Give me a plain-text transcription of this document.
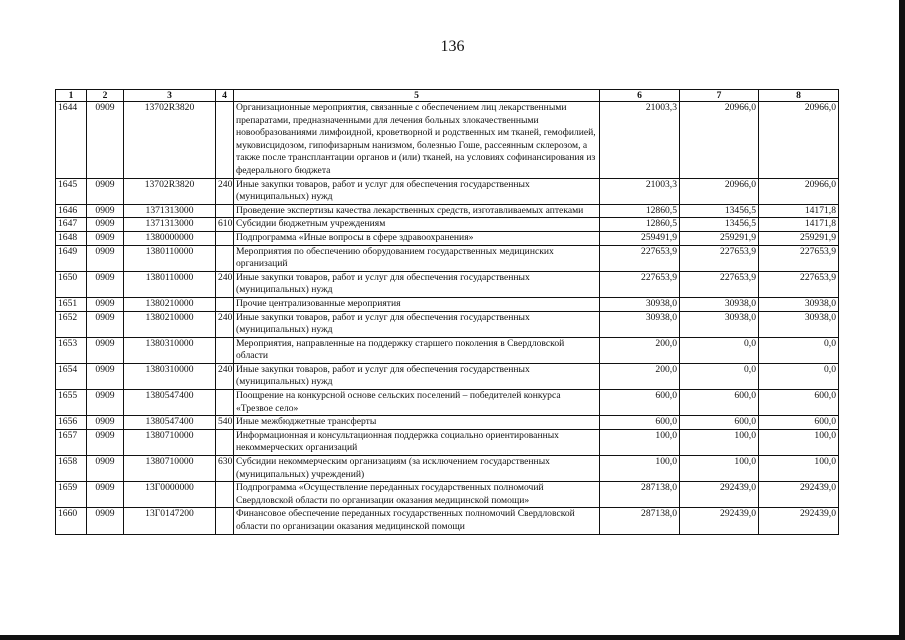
136
1	2	3	4	5	6	7	8
1644	0909	13702R3820		Организационные мероприятия, связанные с обеспечением лиц лекарственными препаратами, предназначенными для лечения больных злокачественными новообразованиями лимфоидной, кроветворной и родственных им тканей, гемофилией, муковисцидозом, гипофизарным нанизмом, болезнью Гоше, рассеянным склерозом, а также после трансплантации органов и (или) тканей, на условиях софинансирования из федерального бюджета	21003,3	20966,0	20966,0
1645	0909	13702R3820	240	Иные закупки товаров, работ и услуг для обеспечения государственных (муниципальных) нужд	21003,3	20966,0	20966,0
1646	0909	1371313000		Проведение экспертизы качества лекарственных средств, изготавливаемых аптеками	12860,5	13456,5	14171,8
1647	0909	1371313000	610	Субсидии бюджетным учреждениям	12860,5	13456,5	14171,8
1648	0909	1380000000		Подпрограмма «Иные вопросы в сфере здравоохранения»	259491,9	259291,9	259291,9
1649	0909	1380110000		Мероприятия по обеспечению оборудованием государственных медицинских организаций	227653,9	227653,9	227653,9
1650	0909	1380110000	240	Иные закупки товаров, работ и услуг для обеспечения государственных (муниципальных) нужд	227653,9	227653,9	227653,9
1651	0909	1380210000		Прочие централизованные мероприятия	30938,0	30938,0	30938,0
1652	0909	1380210000	240	Иные закупки товаров, работ и услуг для обеспечения государственных (муниципальных) нужд	30938,0	30938,0	30938,0
1653	0909	1380310000		Мероприятия, направленные на поддержку старшего поколения в Свердловской области	200,0	0,0	0,0
1654	0909	1380310000	240	Иные закупки товаров, работ и услуг для обеспечения государственных (муниципальных) нужд	200,0	0,0	0,0
1655	0909	1380547400		Поощрение на конкурсной основе сельских поселений – победителей конкурса «Трезвое село»	600,0	600,0	600,0
1656	0909	1380547400	540	Иные межбюджетные трансферты	600,0	600,0	600,0
1657	0909	1380710000		Информационная и консультационная поддержка социально ориентированных некоммерческих организаций	100,0	100,0	100,0
1658	0909	1380710000	630	Субсидии некоммерческим организациям (за исключением государственных (муниципальных) учреждений)	100,0	100,0	100,0
1659	0909	13Г0000000		Подпрограмма «Осуществление переданных государственных полномочий Свердловской области по организации оказания медицинской помощи»	287138,0	292439,0	292439,0
1660	0909	13Г0147200		Финансовое обеспечение переданных государственных полномочий Свердловской области по организации оказания медицинской помощи	287138,0	292439,0	292439,0
